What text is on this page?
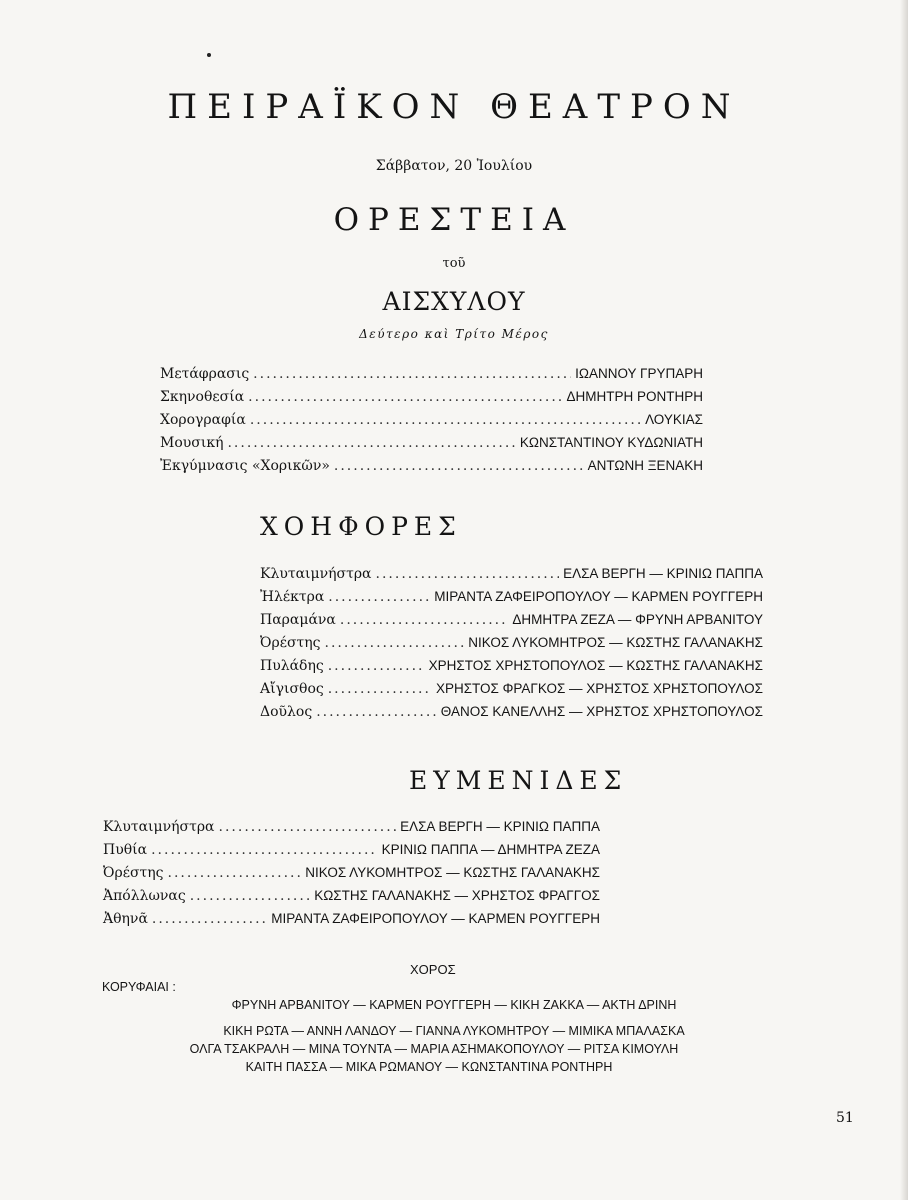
ΠΕΙΡΑΪΚΟΝ ΘΕΑΤΡΟΝ
Σάββατον, 20 Ἰουλίου
ΟΡΕΣΤΕΙΑ
τοῦ
ΑΙΣΧΥΛΟΥ
Δεύτερο καὶ Τρίτο Μέρος
Μετάφρασις .....	ΙΩΑΝΝΟΥ ΓΡΥΠΑΡΗ
Σκηνοθεσία .....	ΔΗΜΗΤΡΗ ΡΟΝΤΗΡΗ
Χορογραφία .....	ΛΟΥΚΙΑΣ
Μουσική .....	ΚΩΝΣΤΑΝΤΙΝΟΥ ΚΥΔΩΝΙΑΤΗ
Ἐκγύμνασις «Χορικῶν» .....	ΑΝΤΩΝΗ ΞΕΝΑΚΗ
ΧΟΗΦΟΡΕΣ
Κλυταιμνήστρα .....	ΕΛΣΑ ΒΕΡΓΗ — ΚΡΙΝΙΩ ΠΑΠΠΑ
Ἠλέκτρα .....	ΜΙΡΑΝΤΑ ΖΑΦΕΙΡΟΠΟΥΛΟΥ — ΚΑΡΜΕΝ ΡΟΥΓΓΕΡΗ
Παραμάνα .....	ΔΗΜΗΤΡΑ ΖΕΖΑ — ΦΡΥΝΗ ΑΡΒΑΝΙΤΟΥ
Ὀρέστης .....	ΝΙΚΟΣ ΛΥΚΟΜΗΤΡΟΣ — ΚΩΣΤΗΣ ΓΑΛΑΝΑΚΗΣ
Πυλάδης .....	ΧΡΗΣΤΟΣ ΧΡΗΣΤΟΠΟΥΛΟΣ — ΚΩΣΤΗΣ ΓΑΛΑΝΑΚΗΣ
Αἴγισθος .....	ΧΡΗΣΤΟΣ ΦΡΑΓΚΟΣ — ΧΡΗΣΤΟΣ ΧΡΗΣΤΟΠΟΥΛΟΣ
Δοῦλος .....	ΘΑΝΟΣ ΚΑΝΕΛΛΗΣ — ΧΡΗΣΤΟΣ ΧΡΗΣΤΟΠΟΥΛΟΣ
ΕΥΜΕΝΙΔΕΣ
Κλυταιμνήστρα .....	ΕΛΣΑ ΒΕΡΓΗ — ΚΡΙΝΙΩ ΠΑΠΠΑ
Πυθία .....	ΚΡΙΝΙΩ ΠΑΠΠΑ — ΔΗΜΗΤΡΑ ΖΕΖΑ
Ὀρέστης .....	ΝΙΚΟΣ ΛΥΚΟΜΗΤΡΟΣ — ΚΩΣΤΗΣ ΓΑΛΑΝΑΚΗΣ
Ἀπόλλωνας .....	ΚΩΣΤΗΣ ΓΑΛΑΝΑΚΗΣ — ΧΡΗΣΤΟΣ ΦΡΑΓΓΟΣ
Ἀθηνᾶ .....	ΜΙΡΑΝΤΑ ΖΑΦΕΙΡΟΠΟΥΛΟΥ — ΚΑΡΜΕΝ ΡΟΥΓΓΕΡΗ
ΧΟΡΟΣ
ΚΟΡΥΦΑΙΑΙ :
ΦΡΥΝΗ ΑΡΒΑΝΙΤΟΥ — ΚΑΡΜΕΝ ΡΟΥΓΓΕΡΗ — ΚΙΚΗ ΖΑΚΚΑ — ΑΚΤΗ ΔΡΙΝΗ
ΚΙΚΗ ΡΩΤΑ — ΑΝΝΗ ΛΑΝΔΟΥ — ΓΙΑΝΝΑ ΛΥΚΟΜΗΤΡΟΥ — ΜΙΜΙΚΑ ΜΠΑΛΑΣΚΑ
ΟΛΓΑ ΤΣΑΚΡΑΛΗ — ΜΙΝΑ ΤΟΥΝΤΑ — ΜΑΡΙΑ ΑΣΗΜΑΚΟΠΟΥΛΟΥ — ΡΙΤΣΑ ΚΙΜΟΥΛΗ
ΚΑΙΤΗ ΠΑΣΣΑ — ΜΙΚΑ ΡΩΜΑΝΟΥ — ΚΩΝΣΤΑΝΤΙΝΑ ΡΟΝΤΗΡΗ
51
